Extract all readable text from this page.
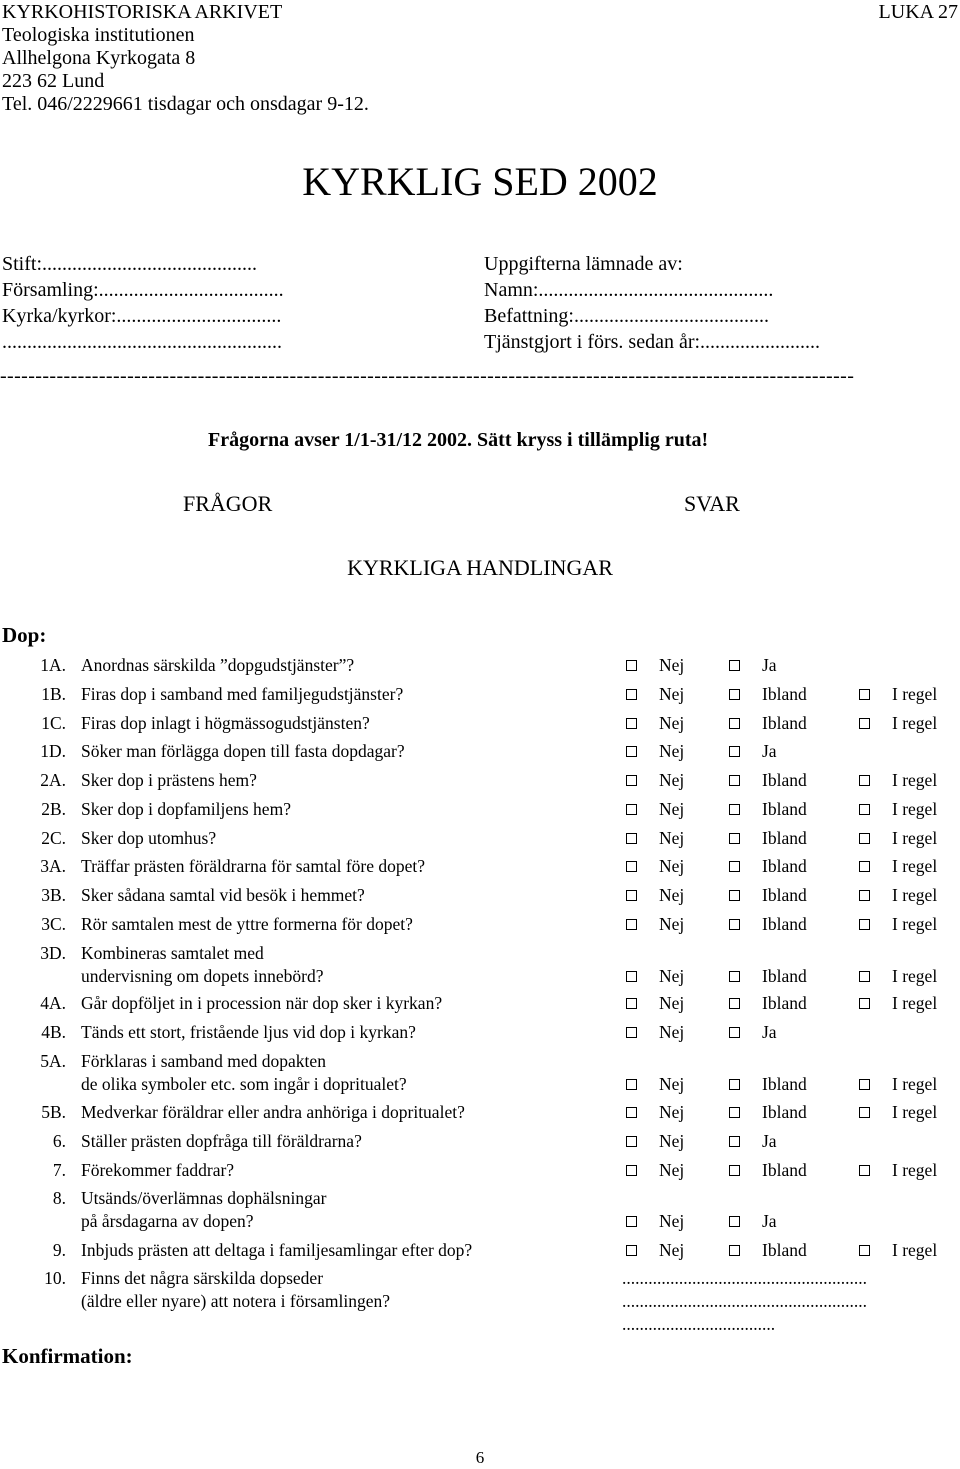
KYRKOHISTORISKA ARKIVET
Teologiska institutionen
Allhelgona Kyrkogata 8
223 62 Lund
Tel. 046/2229661 tisdagar och onsdagar 9-12.
LUKA 27
KYRKLIG SED 2002
Stift:...........................................
Församling:.....................................
Kyrka/kyrkor:.................................
........................................................
Uppgifterna lämnade av:
Namn:...............................................
Befattning:.......................................
Tjänstgjort i förs. sedan år:........................
-------------------------------------------------------------------------------------------------------------------------
Frågorna avser 1/1-31/12 2002. Sätt kryss i tillämplig ruta!
FRÅGOR	SVAR
KYRKLIGA HANDLINGAR
Dop:
1A. Anordnas särskilda ”dopgudstjänster”?	Nej	Ja
1B. Firas dop i samband med familjegudstjänster?	Nej	Ibland	I regel
1C. Firas dop inlagt i högmässogudstjänsten?	Nej	Ibland	I regel
1D. Söker man förlägga dopen till fasta dopdagar?	Nej	Ja
2A. Sker dop i prästens hem?	Nej	Ibland	I regel
2B. Sker dop i dopfamiljens hem?	Nej	Ibland	I regel
2C. Sker dop utomhus?	Nej	Ibland	I regel
3A. Träffar prästen föräldrarna för samtal före dopet?	Nej	Ibland	I regel
3B. Sker sådana samtal vid besök i hemmet?	Nej	Ibland	I regel
3C. Rör samtalen mest de yttre formerna för dopet?	Nej	Ibland	I regel
3D. Kombineras samtalet med
undervisning om dopets innebörd?	Nej	Ibland	I regel
4A. Går dopföljet in i procession när dop sker i kyrkan?	Nej	Ibland	I regel
4B. Tänds ett stort, fristående ljus vid dop i kyrkan?	Nej	Ja
5A. Förklaras i samband med dopakten
de olika symboler etc. som ingår i dopritualet?	Nej	Ibland	I regel
5B. Medverkar föräldrar eller andra anhöriga i dopritualet?	Nej	Ibland	I regel
6. Ställer prästen dopfråga till föräldrarna?	Nej	Ja
7. Förekommer faddrar?	Nej	Ibland	I regel
8. Utsänds/överlämnas dophälsningar
på årsdagarna av dopen?	Nej	Ja
9. Inbjuds prästen att deltaga i familjesamlingar efter dop?	Nej	Ibland	I regel
10. Finns det några särskilda dopseder
(äldre eller nyare) att notera i församlingen?
........................................................
........................................................
...................................
Konfirmation:
6
